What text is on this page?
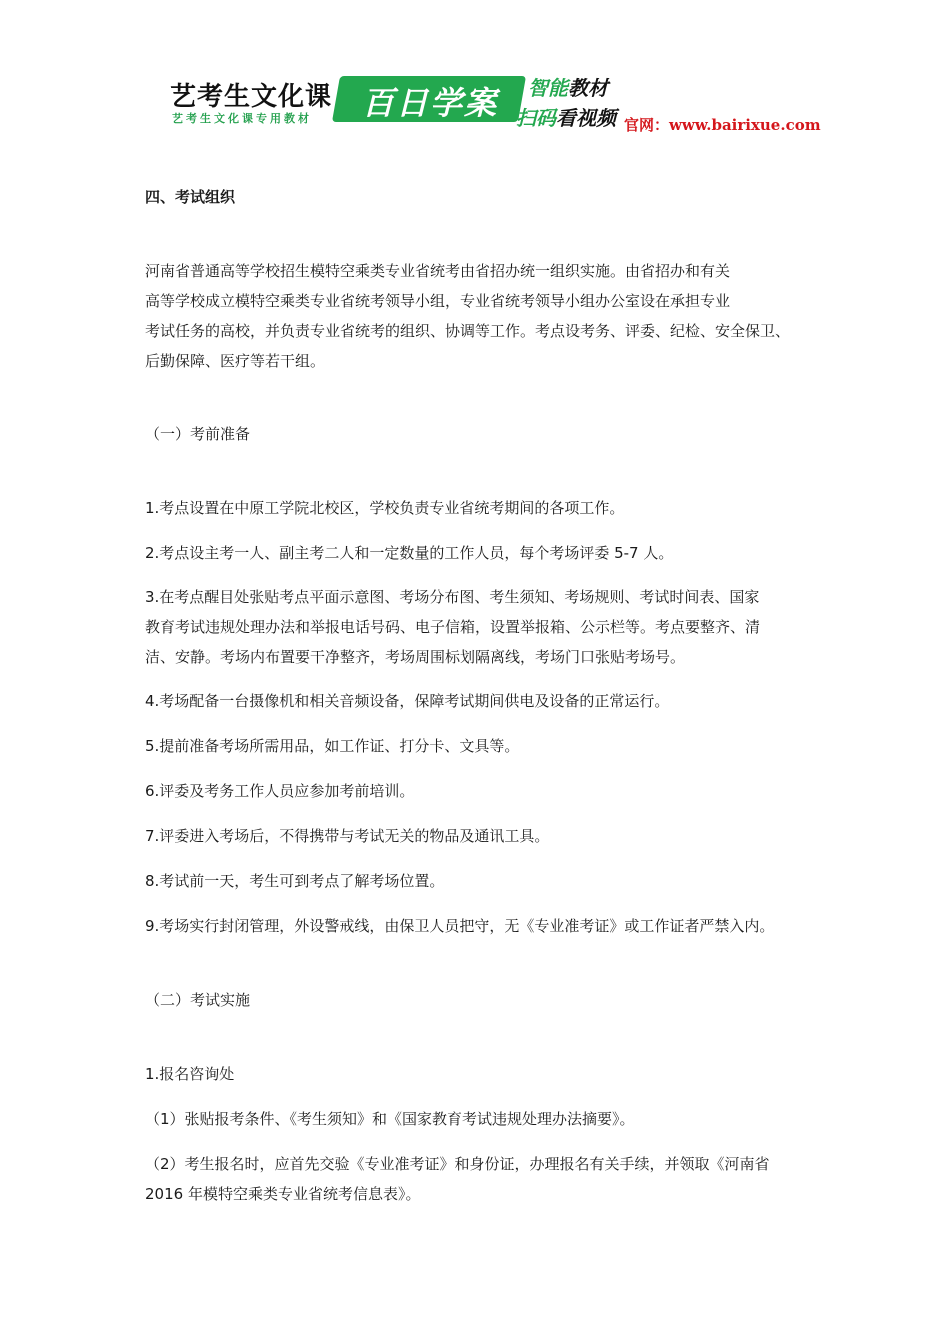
艺考生文化课
艺考生文化课专用教材	百日学案	智能教材
扫码看视频 官网：www.bairixue.com

四、考试组织

河南省普通高等学校招生模特空乘类专业省统考由省招办统一组织实施。由省招办和有关

高等学校成立模特空乘类专业省统考领导小组，专业省统考领导小组办公室设在承担专业

考试任务的高校，并负责专业省统考的组织、协调等工作。考点设考务、评委、纪检、安全保卫、

后勤保障、医疗等若干组。

（一）考前准备

1.考点设置在中原工学院北校区，学校负责专业省统考期间的各项工作。

2.考点设主考一人、副主考二人和一定数量的工作人员，每个考场评委 5-7 人。

3.在考点醒目处张贴考点平面示意图、考场分布图、考生须知、考场规则、考试时间表、国家

教育考试违规处理办法和举报电话号码、电子信箱，设置举报箱、公示栏等。考点要整齐、清

洁、安静。考场内布置要干净整齐，考场周围标划隔离线，考场门口张贴考场号。

4.考场配备一台摄像机和相关音频设备，保障考试期间供电及设备的正常运行。

5.提前准备考场所需用品，如工作证、打分卡、文具等。

6.评委及考务工作人员应参加考前培训。

7.评委进入考场后，不得携带与考试无关的物品及通讯工具。

8.考试前一天，考生可到考点了解考场位置。

9.考场实行封闭管理，外设警戒线，由保卫人员把守，无《专业准考证》或工作证者严禁入内。

（二）考试实施

1.报名咨询处

（1）张贴报考条件、《考生须知》和《国家教育考试违规处理办法摘要》。

（2）考生报名时，应首先交验《专业准考证》和身份证，办理报名有关手续，并领取《河南省

2016 年模特空乘类专业省统考信息表》。
